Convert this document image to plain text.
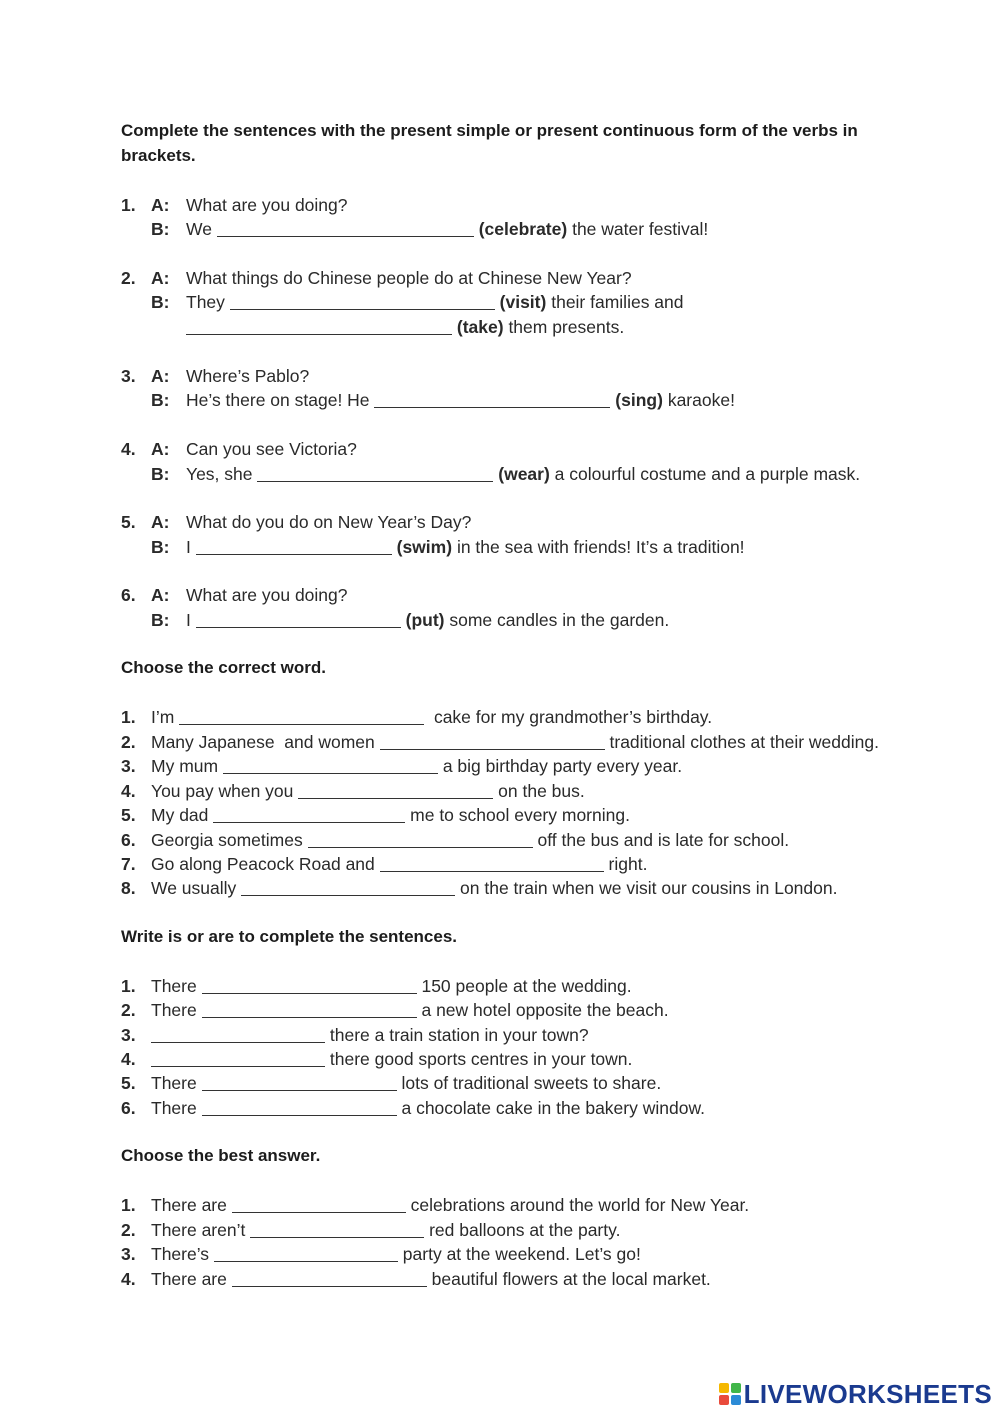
Complete the sentences with the present simple or present continuous form of the verbs in brackets.
1. A: What are you doing?
B: We	(celebrate) the water festival!
2. A: What things do Chinese people do at Chinese New Year?
B: They	(visit) their families and
(take) them presents.
3. A: Where’s Pablo?
B: He’s there on stage! He	(sing) karaoke!
4. A: Can you see Victoria?
B: Yes, she	(wear) a colourful costume and a purple mask.
5. A: What do you do on New Year’s Day?
B: I	(swim) in the sea with friends! It’s a tradition!
6. A: What are you doing?
B: I	(put) some candles in the garden.
Choose the correct word.
1. I’m	cake for my grandmother’s birthday.
2. Many Japanese  and women	traditional clothes at their wedding.
3. My mum	a big birthday party every year.
4. You pay when you	on the bus.
5. My dad	me to school every morning.
6. Georgia sometimes	off the bus and is late for school.
7. Go along Peacock Road and	right.
8. We usually	on the train when we visit our cousins in London.
Write is or are to complete the sentences.
1. There	150 people at the wedding.
2. There	a new hotel opposite the beach.
3.	there a train station in your town?
4.	there good sports centres in your town.
5. There	lots of traditional sweets to share.
6. There	a chocolate cake in the bakery window.
Choose the best answer.
1. There are	celebrations around the world for New Year.
2. There aren’t	red balloons at the party.
3. There’s	party at the weekend. Let’s go!
4. There are	beautiful flowers at the local market.
LIVEWORKSHEETS
